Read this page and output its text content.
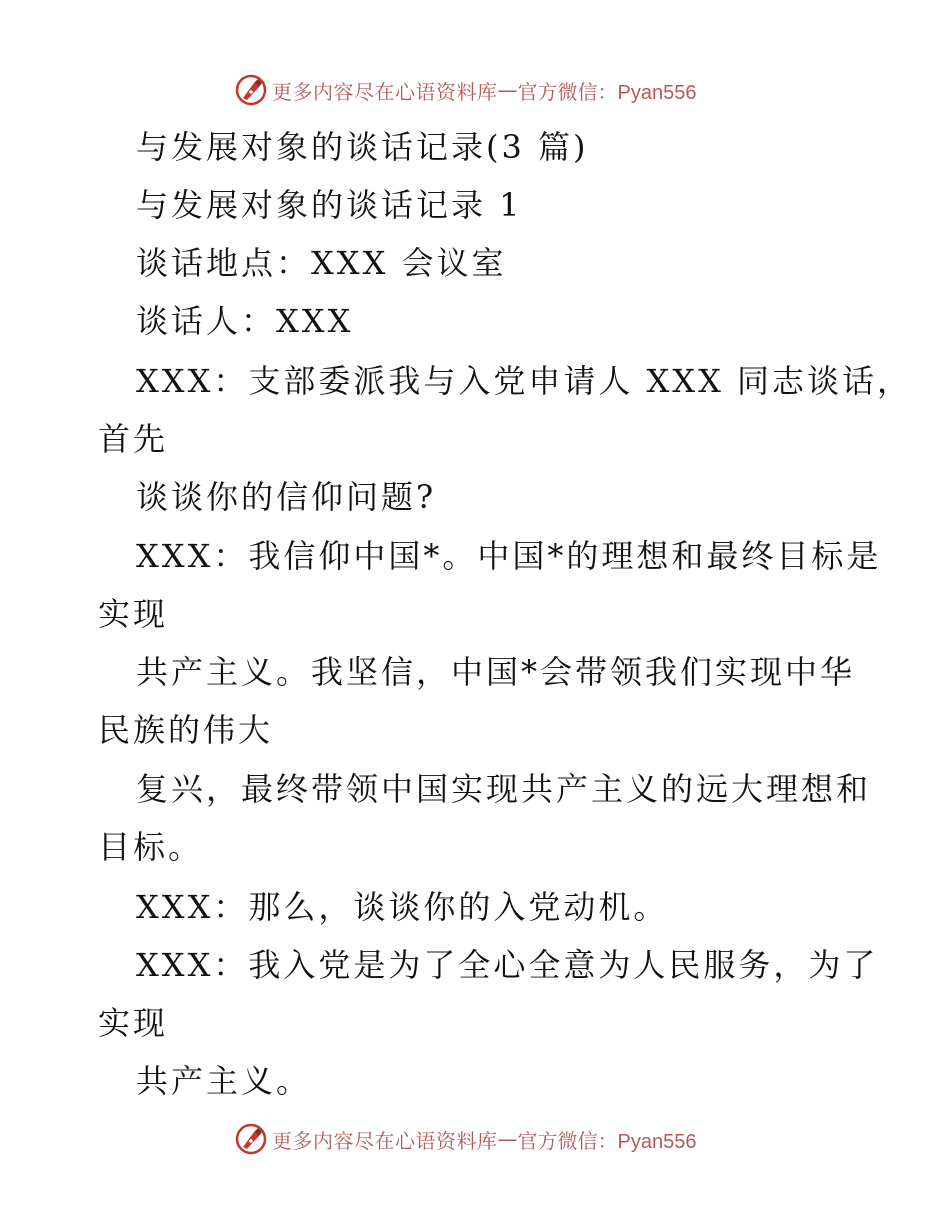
更多内容尽在心语资料库 — 官方微信：Pyan556
与发展对象的谈话记录(3 篇)
与发展对象的谈话记录 1
谈话地点：XXX 会议室
谈话人：XXX
XXX：支部委派我与入党申请人 XXX 同志谈话，
首先
谈谈你的信仰问题?
XXX：我信仰中国*。中国*的理想和最终目标是
实现
共产主义。我坚信，中国*会带领我们实现中华
民族的伟大
复兴，最终带领中国实现共产主义的远大理想和
目标。
XXX：那么，谈谈你的入党动机。
XXX：我入党是为了全心全意为人民服务，为了
实现
共产主义。
更多内容尽在心语资料库 — 官方微信：Pyan556
